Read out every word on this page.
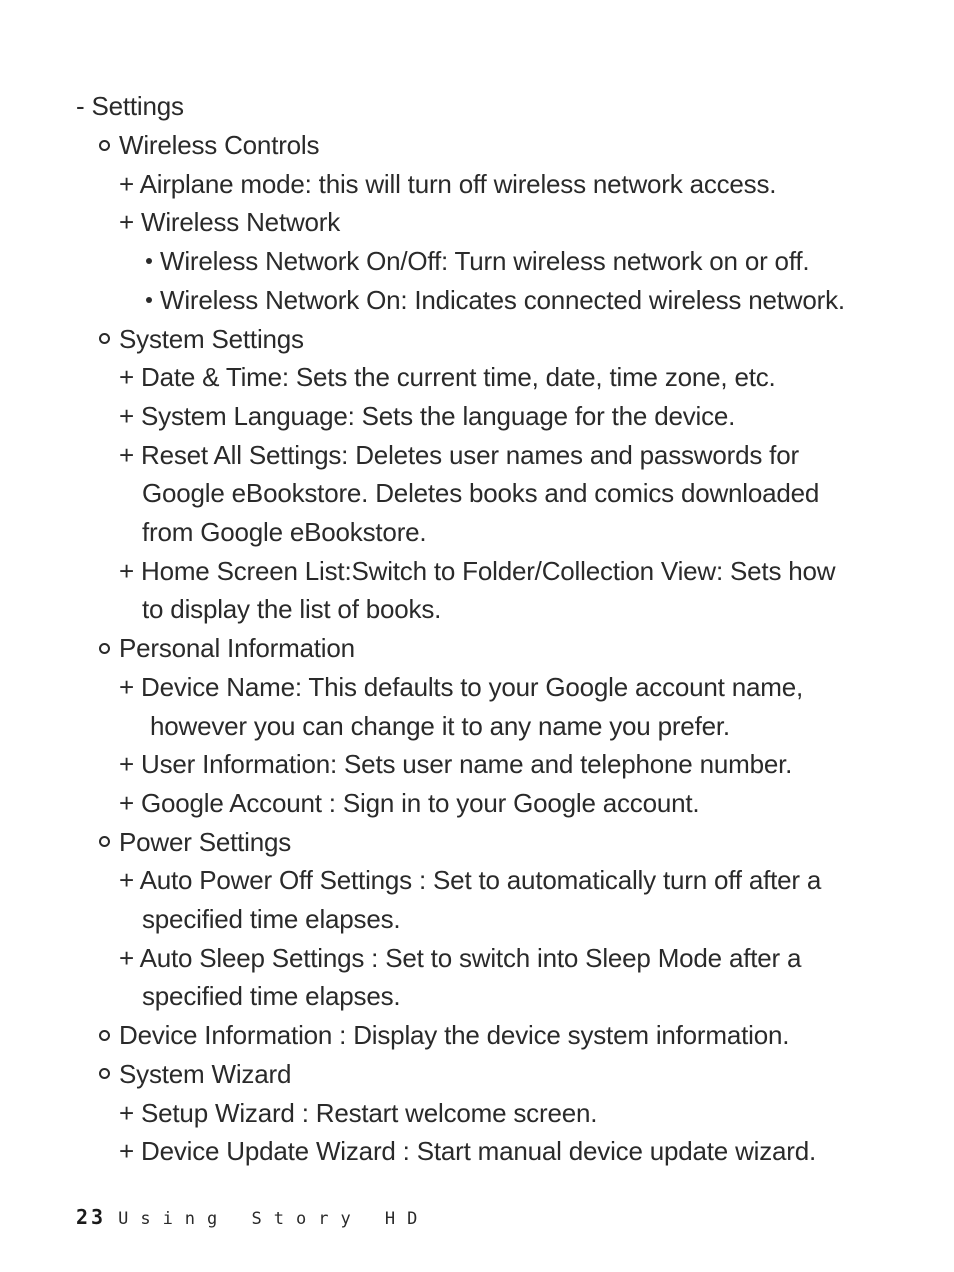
- Settings
Wireless Controls
+ Airplane mode: this will turn off wireless network access.
+ Wireless Network
Wireless Network On/Off: Turn wireless network on or off.
Wireless Network On: Indicates connected wireless network.
System Settings
+ Date & Time: Sets the current time, date, time zone, etc.
+ System Language: Sets the language for the device.
+ Reset All Settings: Deletes user names and passwords for
Google eBookstore. Deletes books and comics downloaded
from Google eBookstore.
+ Home Screen List:Switch to Folder/Collection View: Sets how
to display the list of books.
Personal Information
+ Device Name: This defaults to your Google account name,
however you can change it to any name you prefer.
+ User Information: Sets user name and telephone number.
+ Google Account : Sign in to your Google account.
Power Settings
+ Auto Power Off Settings : Set to automatically turn off after a
specified time elapses.
+ Auto Sleep Settings : Set to switch into Sleep Mode after a
specified time elapses.
Device Information : Display the device system information.
System Wizard
+ Setup Wizard : Restart welcome screen.
+ Device Update Wizard : Start manual device update wizard.
23 Using Story HD
